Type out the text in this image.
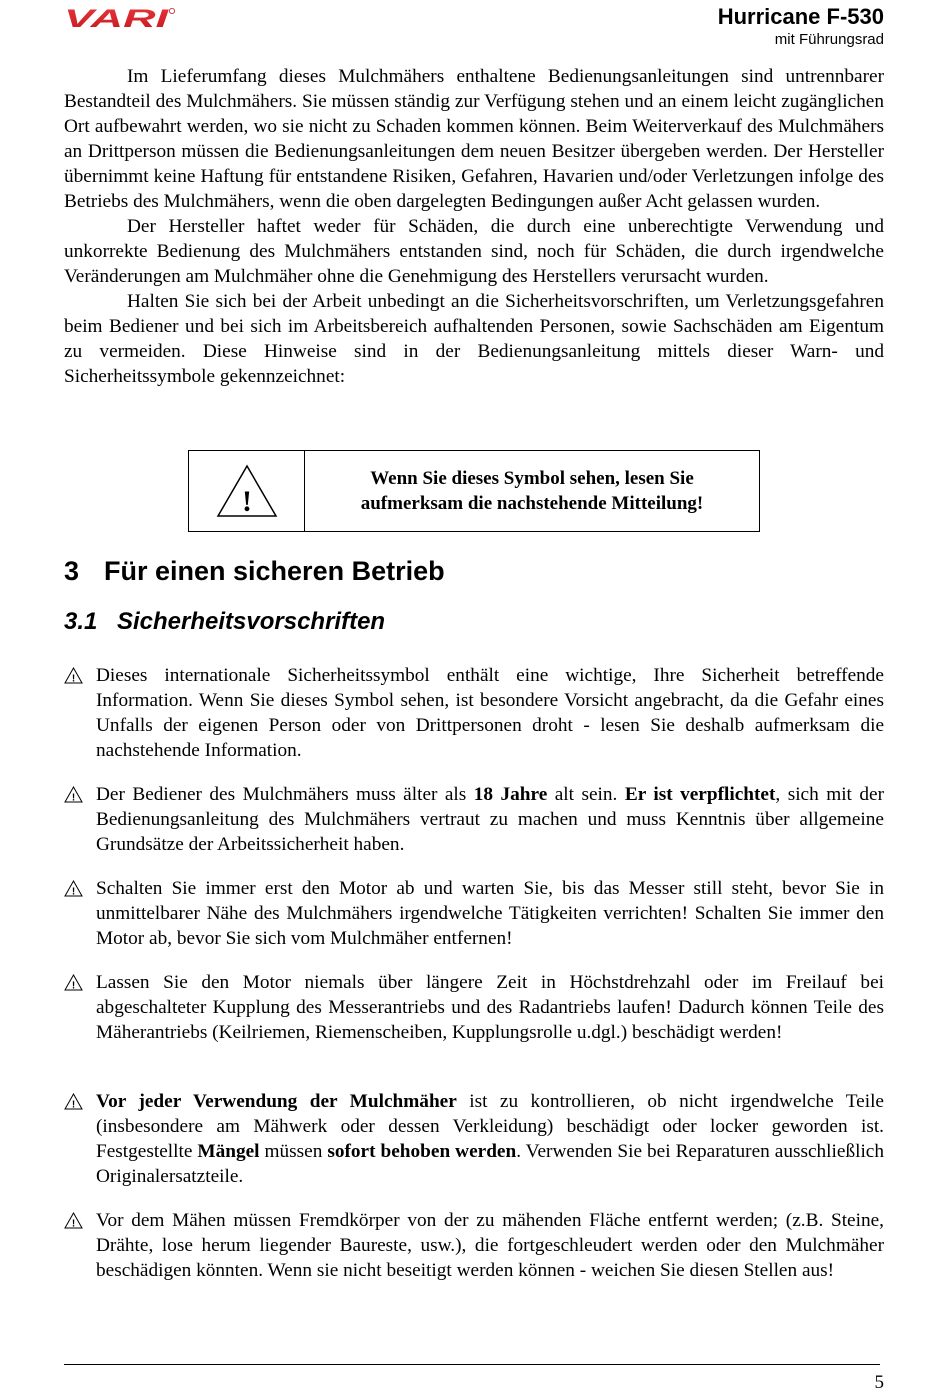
VARI	Hurricane F-530
mit Führungsrad

Im Lieferumfang dieses Mulchmähers enthaltene Bedienungsanleitungen sind untrennbarer Bestandteil des Mulchmähers. Sie müssen ständig zur Verfügung stehen und an einem leicht zugänglichen Ort aufbewahrt werden, wo sie nicht zu Schaden kommen können. Beim Weiterverkauf des Mulchmähers an Drittperson müssen die Bedienungsanleitungen dem neuen Besitzer übergeben werden. Der Hersteller übernimmt keine Haftung für entstandene Risiken, Gefahren, Havarien und/oder Verletzungen infolge des Betriebs des Mulchmähers, wenn die oben dargelegten Bedingungen außer Acht gelassen wurden.

Der Hersteller haftet weder für Schäden, die durch eine unberechtigte Verwendung und unkorrekte Bedienung des Mulchmähers entstanden sind, noch für Schäden, die durch irgendwelche Veränderungen am Mulchmäher ohne die Genehmigung des Herstellers verursacht wurden.

Halten Sie sich bei der Arbeit unbedingt an die Sicherheitsvorschriften, um Verletzungsgefahren beim Bediener und bei sich im Arbeitsbereich aufhaltenden Personen, sowie Sachschäden am Eigentum zu vermeiden. Diese Hinweise sind in der Bedienungsanleitung mittels dieser Warn- und Sicherheitssymbole gekennzeichnet:

!
Wenn Sie dieses Symbol sehen, lesen Sie
aufmerksam die nachstehende Mitteilung!
3 Für einen sicheren Betrieb
3.1 Sicherheitsvorschriften
! Dieses internationale Sicherheitssymbol enthält eine wichtige, Ihre Sicherheit betreffende Information. Wenn Sie dieses Symbol sehen, ist besondere Vorsicht angebracht, da die Gefahr eines Unfalls der eigenen Person oder von Drittpersonen droht - lesen Sie deshalb aufmerksam die nachstehende Information.
! Der Bediener des Mulchmähers muss älter als 18 Jahre alt sein. Er ist verpflichtet, sich mit der Bedienungsanleitung des Mulchmähers vertraut zu machen und muss Kenntnis über allgemeine Grundsätze der Arbeitssicherheit haben.
! Schalten Sie immer erst den Motor ab und warten Sie, bis das Messer still steht, bevor Sie in unmittelbarer Nähe des Mulchmähers irgendwelche Tätigkeiten verrichten! Schalten Sie immer den Motor ab, bevor Sie sich vom Mulchmäher entfernen!
! Lassen Sie den Motor niemals über längere Zeit in Höchstdrehzahl oder im Freilauf bei abgeschalteter Kupplung des Messerantriebs und des Radantriebs laufen! Dadurch können Teile des Mäherantriebs (Keilriemen, Riemenscheiben, Kupplungsrolle u.dgl.) beschädigt werden!
! Vor jeder Verwendung der Mulchmäher ist zu kontrollieren, ob nicht irgendwelche Teile (insbesondere am Mähwerk oder dessen Verkleidung) beschädigt oder locker geworden ist. Festgestellte Mängel müssen sofort behoben werden. Verwenden Sie bei Reparaturen ausschließlich Originalersatzteile.
! Vor dem Mähen müssen Fremdkörper von der zu mähenden Fläche entfernt werden; (z.B. Steine, Drähte, lose herum liegender Baureste, usw.), die fortgeschleudert werden oder den Mulchmäher beschädigen könnten. Wenn sie nicht beseitigt werden können - weichen Sie diesen Stellen aus!
5
